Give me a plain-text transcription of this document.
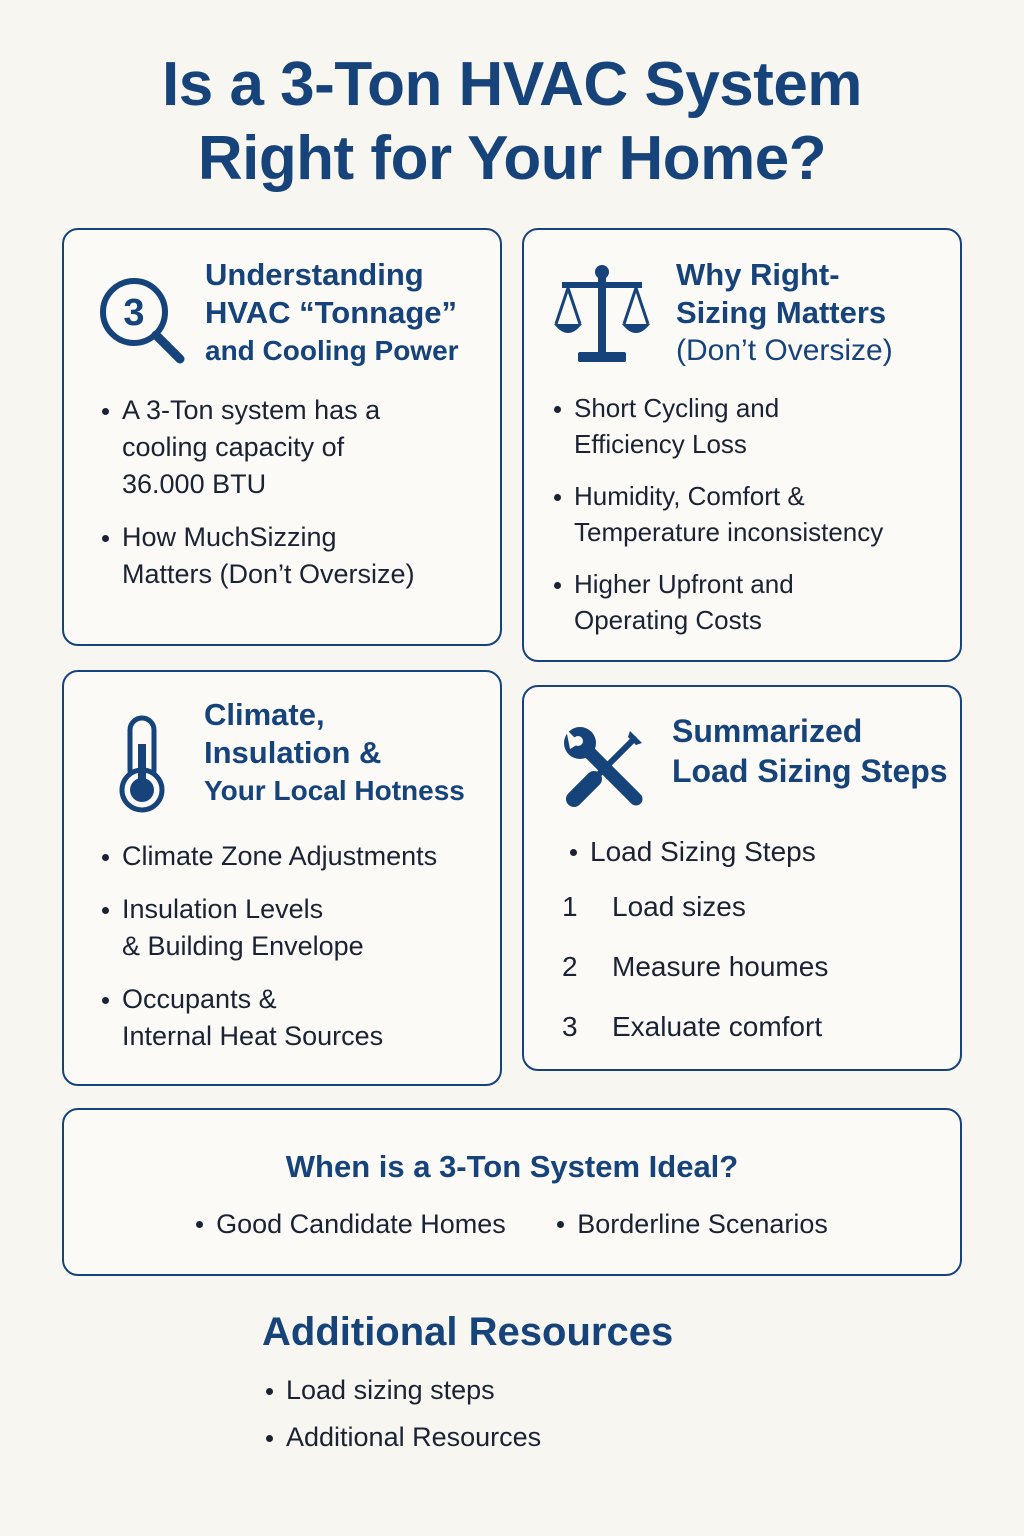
Is a 3-Ton HVAC System
Right for Your Home?
3
Understanding
HVAC “Tonnage”
and Cooling Power
A 3-Ton system has a
cooling capacity of
36.000 BTU
How MuchSizzing
Matters (Don’t Oversize)
Why Right-
Sizing Matters
(Don’t Oversize)
Short Cycling and
Efficiency Loss
Humidity, Comfort &
Temperature inconsistency
Higher Upfront and
Operating Costs
Climate,
Insulation &
Your Local Hotness
Climate Zone Adjustments
Insulation Levels
& Building Envelope
Occupants &
Internal Heat Sources
Summarized
Load Sizing Steps
Load Sizing Steps
1 Load sizes
2 Measure houmes
3 Exaluate comfort
When is a 3-Ton System Ideal?
Good Candidate Homes	Borderline Scenarios
Additional Resources
Load sizing steps
Additional Resources
